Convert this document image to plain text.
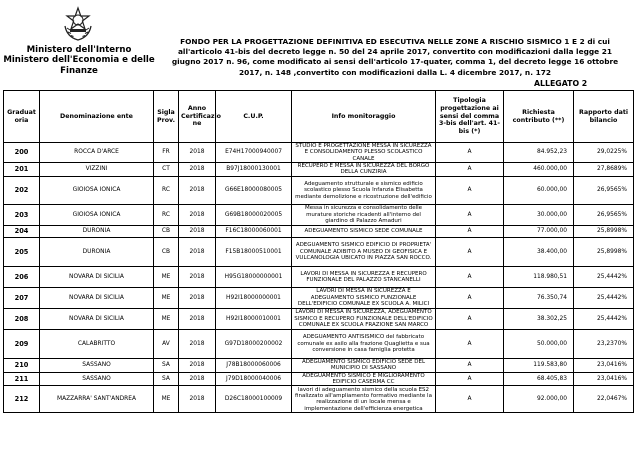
Ministero dell'Interno
Ministero dell'Economia e delle Finanze
FONDO PER LA PROGETTAZIONE DEFINITIVA ED ESECUTIVA NELLE ZONE A RISCHIO SISMICO 1 E 2 di cui all'articolo 41-bis del decreto legge n. 50 del 24 aprile 2017, convertito con modificazioni dalla legge 21 giugno 2017 n. 96, come modificato ai sensi dell'articolo 17-quater, comma 1, del decreto legge 16 ottobre 2017, n. 148 ,convertito con modificazioni dalla L. 4 dicembre 2017, n. 172
ALLEGATO 2
Graduat oria	Denominazione ente	Sigla Prov.	Anno Certificazio ne	C.U.P.	Info monitoraggio	Tipologia progettazione ai sensi del comma 3-bis dell'art. 41-bis (*)	Richiesta contributo (**)	Rapporto dati bilancio
200	ROCCA D'ARCE	FR	2018	E74H17000940007	STUDIO E PROGETTAZIONE MESSA IN SICUREZZA E CONSOLIDAMENTO PLESSO SCOLASTICO CANALE	A	84.952,23	29,0225%
201	VIZZINI	CT	2018	B97J18000130001	RECUPERO E MESSA IN SICUREZZA DEL BORGO DELLA CUNZIRIA	A	460.000,00	27,8689%
202	GIOIOSA IONICA	RC	2018	G66E18000080005	Adeguamento strutturale e sismico edificio scolastico plesso Scuola Infanzia Elisabetta mediante demolizione e ricostruzione dell'edificio	A	60.000,00	26,9565%
203	GIOIOSA IONICA	RC	2018	G69B18000020005	Messa in sicurezza e consolidamento delle murature storiche ricadenti all'interno del giardino di Palazzo Amaduri	A	30.000,00	26,9565%
204	DURONIA	CB	2018	F16C18000060001	ADEGUAMENTO SISMICO SEDE COMUNALE	A	77.000,00	25,8998%
205	DURONIA	CB	2018	F15B18000510001	ADEGUAMENTO SISMICO EDIFICIO DI PROPRIETA' COMUNALE ADIBITO A MUSEO DI GEOFISICA E VULCANOLOGIA UBICATO IN PIAZZA SAN ROCCO.	A	38.400,00	25,8998%
206	NOVARA DI SICILIA	ME	2018	H95G18000000001	LAVORI DI MESSA IN SICUREZZA E RECUPERO FUNZIONALE DEL PALAZZO STANCANELLI	A	118.980,51	25,4442%
207	NOVARA DI SICILIA	ME	2018	H92I18000000001	LAVORI DI MESSA IN SICUREZZA E ADEGUAMENTO SISMICO FUNZIONALE DELL'EDIFICIO COMUNALE EX SCUOLA A. MILICI	A	76.350,74	25,4442%
208	NOVARA DI SICILIA	ME	2018	H92I18000010001	LAVORI DI MESSA IN SICUREZZA, ADEGUAMENTO SISMICO E RECUPERO FUNZIONALE DELL'EDIFICIO COMUNALE EX SCUOLA FRAZIONE SAN MARCO	A	38.302,25	25,4442%
209	CALABRITTO	AV	2018	G97D18000200002	ADEGUAMENTO ANTISISMICO del fabbricato comunale ex asilo alla frazione Quaglietta e sua conversione in casa famiglia protetta	A	50.000,00	23,2370%
210	SASSANO	SA	2018	J78B18000060006	ADEGUAMENTO SISMICO EDIFICIO SEDE DEL MUNICIPIO DI SASSANO	A	119.583,80	23,0416%
211	SASSANO	SA	2018	J79D18000040006	ADEGUAMENTO SISMICO E MIGLIORAMENTO EDIFICIO CASERMA CC	A	68.405,83	23,0416%
212	MAZZARRA' SANT'ANDREA	ME	2018	D26C18000100009	lavori di adeguamento sismico della scuola ES2 finalizzato all'ampliamento formativo mediante la realizzazione di un locale mensa e implementazione dell'efficienza energetica	A	92.000,00	22,0467%
